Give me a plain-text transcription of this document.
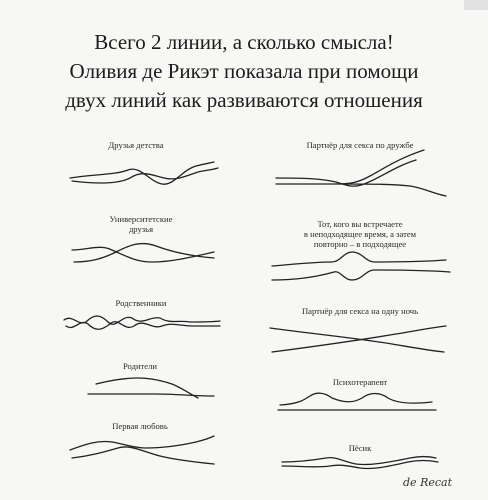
Всего 2 линии, а сколько смысла!
Оливия де Рикэт показала при помощи
двух линий как развиваются отношения
Друзья детства
Университетские
друзья
Родственники
Родители
Первая любовь
Партнёр для секса по дружбе
Тот, кого вы встречаете
в неподходящее время, а затем
повторно – в подходящее
Партнёр для секса на одну ночь
Психотерапевт
Пёсик
de Recat
